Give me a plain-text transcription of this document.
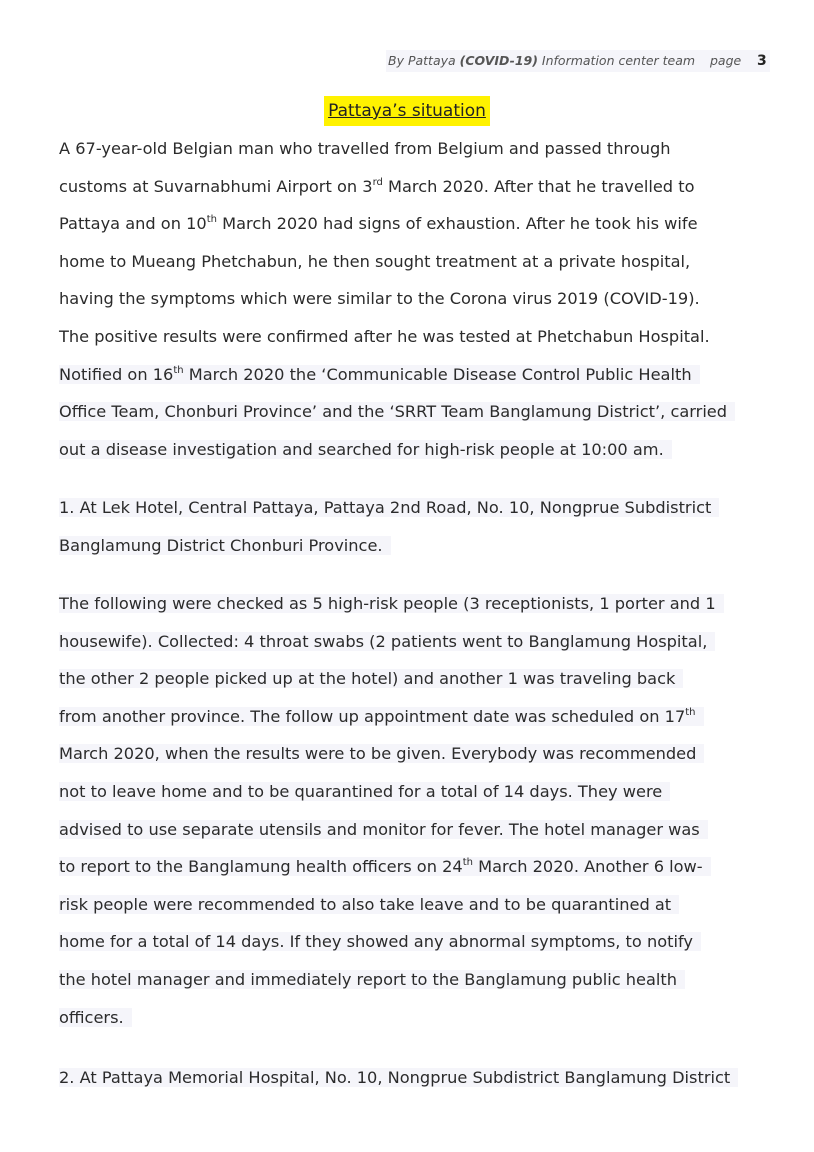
By Pattaya (COVID-19) Information center team page 3
Pattaya’s situation
A 67-year-old Belgian man who travelled from Belgium and passed through
customs at Suvarnabhumi Airport on 3rd March 2020. After that he travelled to
Pattaya and on 10th March 2020 had signs of exhaustion. After he took his wife
home to Mueang Phetchabun, he then sought treatment at a private hospital,
having the symptoms which were similar to the Corona virus 2019 (COVID-19).
The positive results were confirmed after he was tested at Phetchabun Hospital.
Notified on 16th March 2020 the ‘Communicable Disease Control Public Health
Office Team, Chonburi Province’ and the ‘SRRT Team Banglamung District’, carried
out a disease investigation and searched for high-risk people at 10:00 am.
1. At Lek Hotel, Central Pattaya, Pattaya 2nd Road, No. 10, Nongprue Subdistrict
Banglamung District Chonburi Province.
The following were checked as 5 high-risk people (3 receptionists, 1 porter and 1
housewife). Collected: 4 throat swabs (2 patients went to Banglamung Hospital,
the other 2 people picked up at the hotel) and another 1 was traveling back
from another province. The follow up appointment date was scheduled on 17th
March 2020, when the results were to be given. Everybody was recommended
not to leave home and to be quarantined for a total of 14 days. They were
advised to use separate utensils and monitor for fever. The hotel manager was
to report to the Banglamung health officers on 24th March 2020. Another 6 low-
risk people were recommended to also take leave and to be quarantined at
home for a total of 14 days. If they showed any abnormal symptoms, to notify
the hotel manager and immediately report to the Banglamung public health
officers.
2. At Pattaya Memorial Hospital, No. 10, Nongprue Subdistrict Banglamung District
